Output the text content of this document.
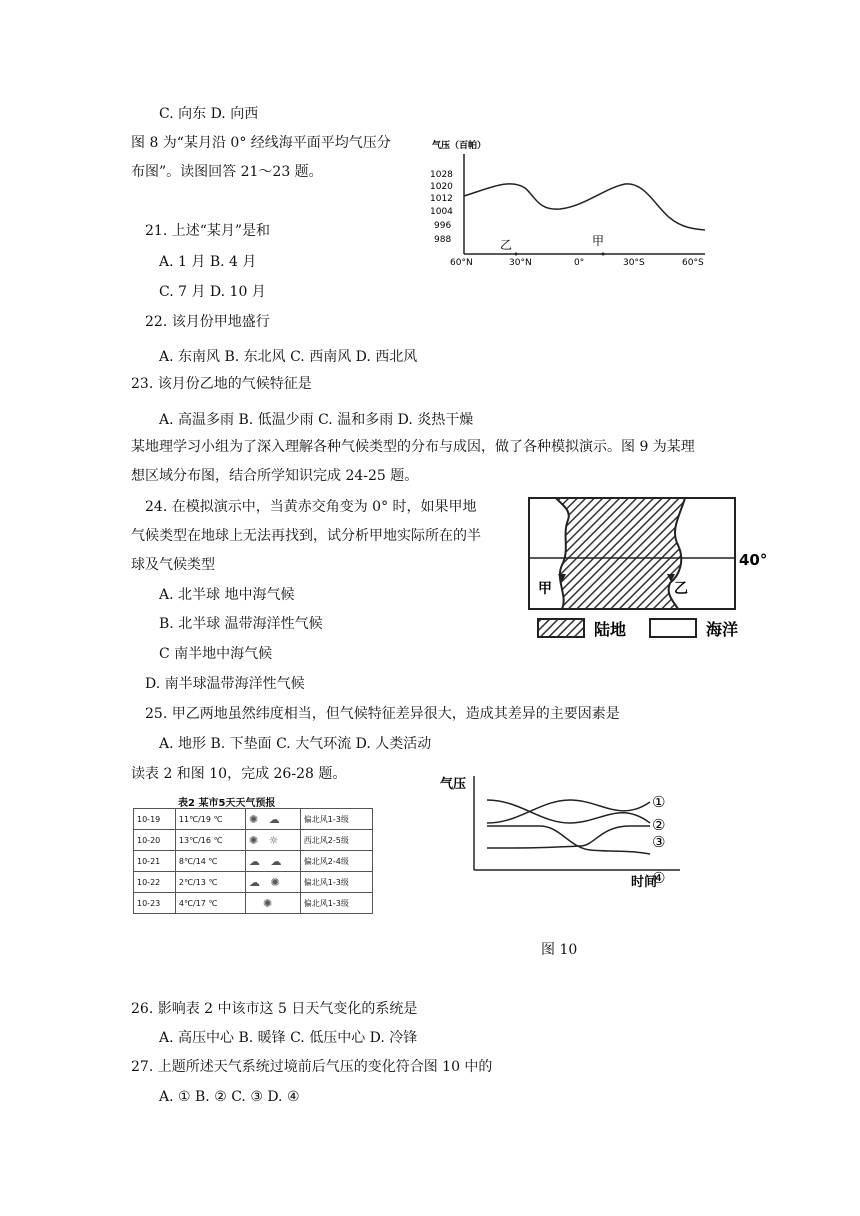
C. 向东 D. 向西
图 8 为“某月沿 0° 经线海平面平均气压分
布图”。读图回答 21～23 题。
21. 上述“某月”是和
A. 1 月 B. 4 月
C. 7 月 D. 10 月
22. 该月份甲地盛行
A. 东南风 B. 东北风 C. 西南风 D. 西北风
23. 该月份乙地的气候特征是
A. 高温多雨 B. 低温少雨 C. 温和多雨 D. 炎热干燥
某地理学习小组为了深入理解各种气候类型的分布与成因，做了各种模拟演示。图 9 为某理
想区域分布图，结合所学知识完成 24-25 题。
24. 在模拟演示中，当黄赤交角变为 0° 时，如果甲地
气候类型在地球上无法再找到，试分析甲地实际所在的半
球及气候类型
A. 北半球 地中海气候
B. 北半球 温带海洋性气候
C 南半地中海气候
D. 南半球温带海洋性气候
25. 甲乙两地虽然纬度相当，但气候特征差异很大，造成其差异的主要因素是
A. 地形 B. 下垫面 C. 大气环流 D. 人类活动
读表 2 和图 10，完成 26-28 题。
图 10
26. 影响表 2 中该市这 5 日天气变化的系统是
A. 高压中心 B. 暖锋 C. 低压中心 D. 冷锋
27. 上题所述天气系统过境前后气压的变化符合图 10 中的
A. ① B. ② C. ③ D. ④
气压（百帕）
1028
1020
1012
1004
996
988
60°N	30°N	0°	30°S	60°S
乙	甲
40°
甲	乙
陆地	海洋
表2 某市5天天气预报
10-19	11℃/19 ℃	✺   ☁	偏北风1-3级
10-20	13℃/16 ℃	✺   ☼	西北风2-5级
10-21	8℃/14 ℃	☁   ☁	偏北风2-4级
10-22	2℃/13 ℃	☁   ✺	偏北风1-3级
10-23	4℃/17 ℃	✺	偏北风1-3级
气压
时间
①
②
③
④
